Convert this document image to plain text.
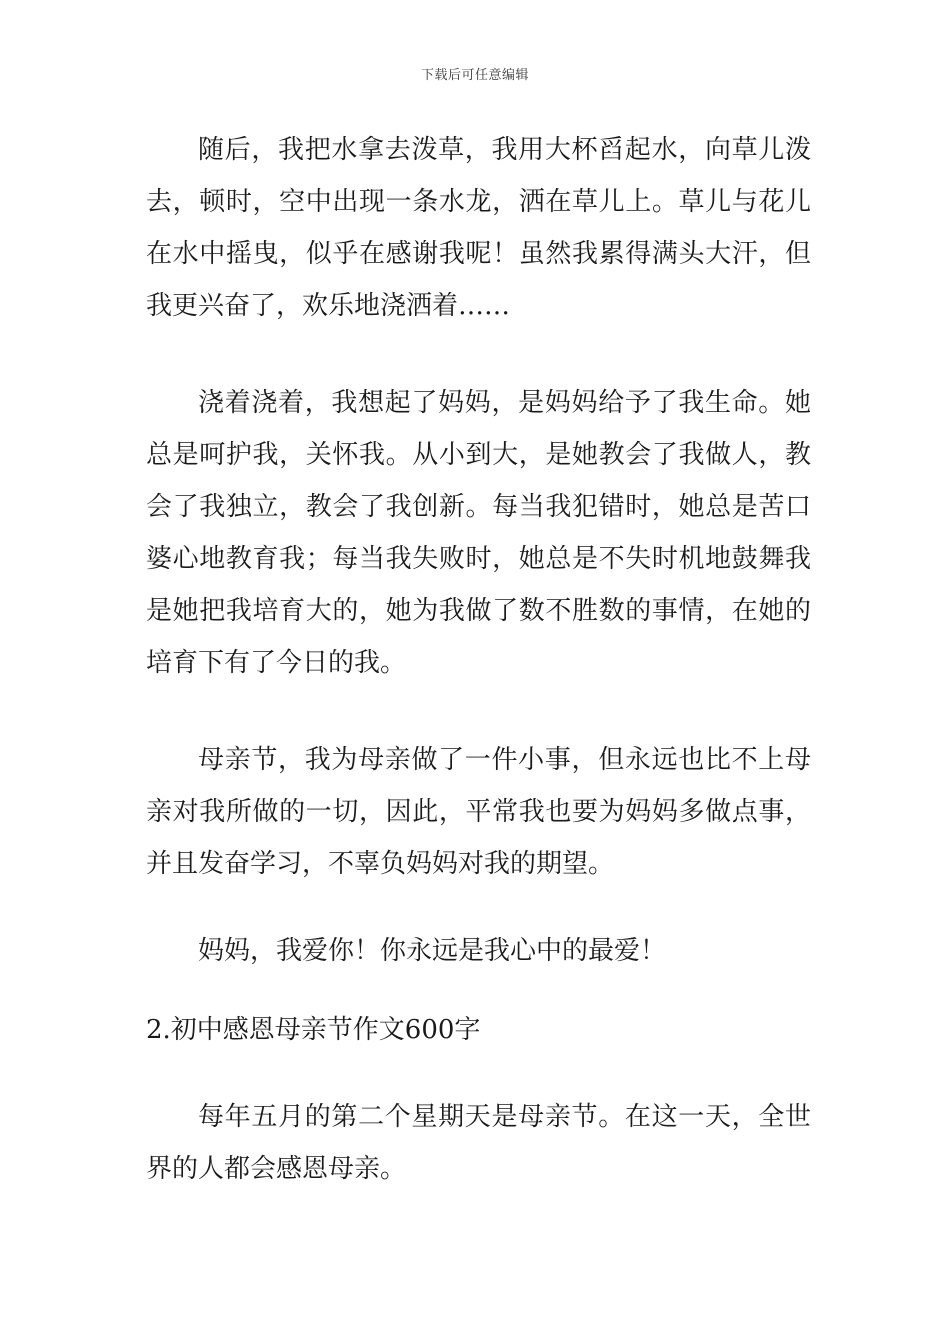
下载后可任意编辑

随后，我把水拿去泼草，我用大杯舀起水，向草儿泼去，顿时，空中出现一条水龙，洒在草儿上。草儿与花儿在水中摇曳，似乎在感谢我呢！虽然我累得满头大汗，但我更兴奋了，欢乐地浇洒着……

浇着浇着，我想起了妈妈，是妈妈给予了我生命。她总是呵护我，关怀我。从小到大，是她教会了我做人，教会了我独立，教会了我创新。每当我犯错时，她总是苦口婆心地教育我；每当我失败时，她总是不失时机地鼓舞我是她把我培育大的，她为我做了数不胜数的事情，在她的培育下有了今日的我。

母亲节，我为母亲做了一件小事，但永远也比不上母亲对我所做的一切，因此，平常我也要为妈妈多做点事，并且发奋学习，不辜负妈妈对我的期望。

妈妈，我爱你！你永远是我心中的最爱！

2.初中感恩母亲节作文600字

每年五月的第二个星期天是母亲节。在这一天，全世界的人都会感恩母亲。
